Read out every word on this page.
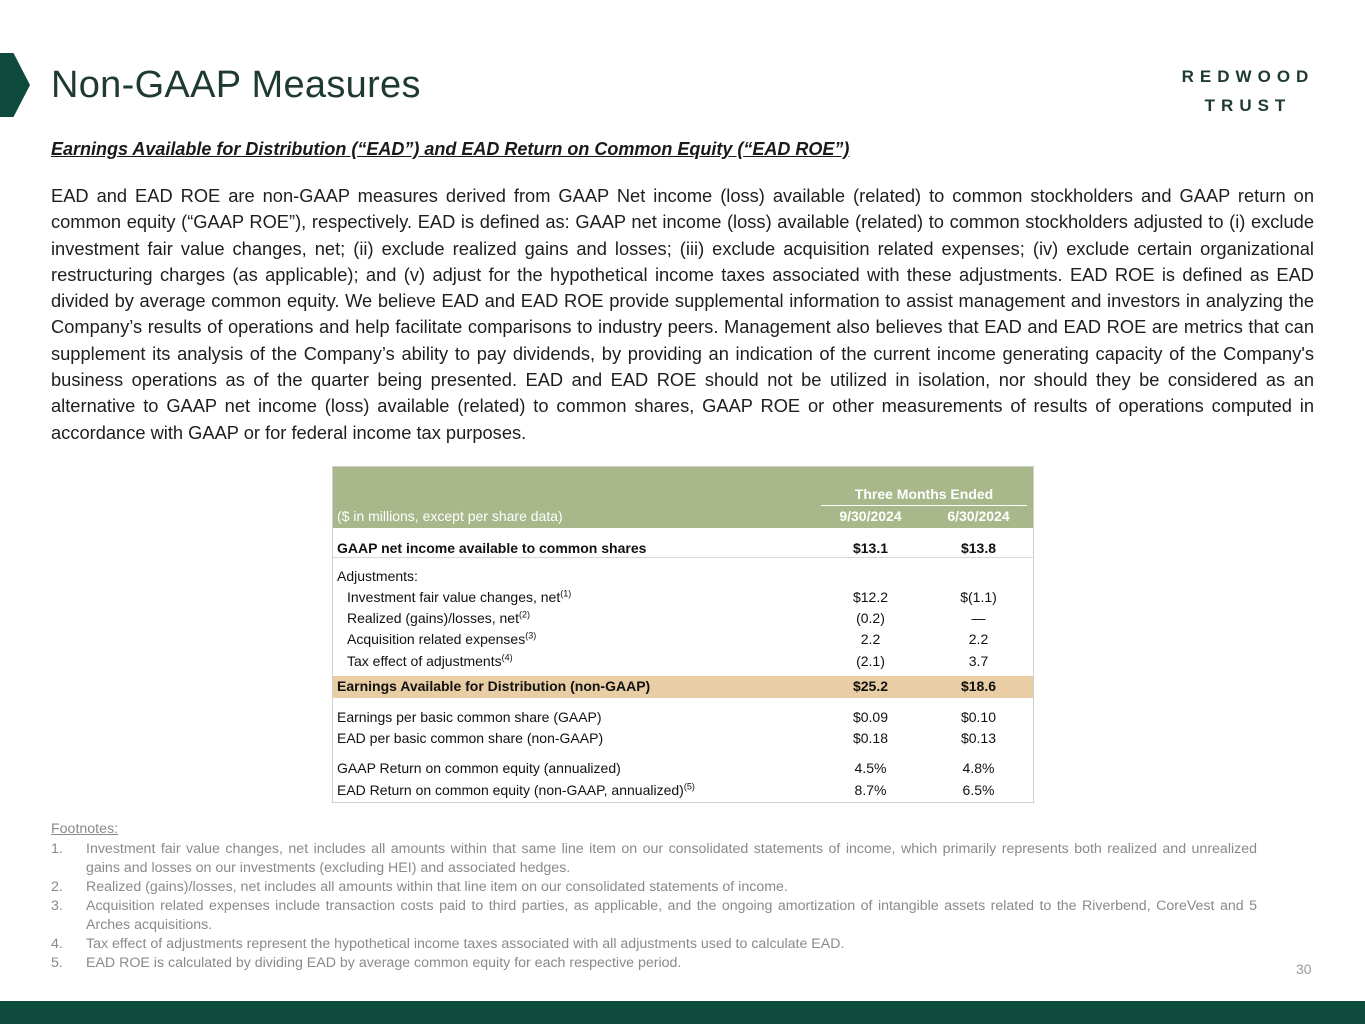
Non-GAAP Measures	REDWOOD
TRUST
Earnings Available for Distribution (“EAD”) and EAD Return on Common Equity (“EAD ROE”)

EAD and EAD ROE are non-GAAP measures derived from GAAP Net income (loss) available (related) to common stockholders and GAAP return on common equity (“GAAP ROE”), respectively. EAD is defined as: GAAP net income (loss) available (related) to common stockholders adjusted to (i) exclude investment fair value changes, net; (ii) exclude realized gains and losses; (iii) exclude acquisition related expenses; (iv) exclude certain organizational restructuring charges (as applicable); and (v) adjust for the hypothetical income taxes associated with these adjustments. EAD ROE is defined as EAD divided by average common equity. We believe EAD and EAD ROE provide supplemental information to assist management and investors in analyzing the Company’s results of operations and help facilitate comparisons to industry peers. Management also believes that EAD and EAD ROE are metrics that can supplement its analysis of the Company’s ability to pay dividends, by providing an indication of the current income generating capacity of the Company's business operations as of the quarter being presented. EAD and EAD ROE should not be utilized in isolation, nor should they be considered as an alternative to GAAP net income (loss) available (related) to common shares, GAAP ROE or other measurements of results of operations computed in accordance with GAAP or for federal income tax purposes.

Three Months Ended
($ in millions, except per share data)	9/30/2024	6/30/2024
GAAP net income available to common shares	$13.1	$13.8
Adjustments:
Investment fair value changes, net$^{(1)}$	$12.2	$(1.1)
Realized (gains)/losses, net$^{(2)}$	(0.2)	—
Acquisition related expenses$^{(3)}$	2.2	2.2
Tax effect of adjustments$^{(4)}$	(2.1)	3.7
Earnings Available for Distribution (non-GAAP)	$25.2	$18.6
Earnings per basic common share (GAAP)	$0.09	$0.10
EAD per basic common share (non-GAAP)	$0.18	$0.13
GAAP Return on common equity (annualized)	4.5%	4.8%
EAD Return on common equity (non-GAAP, annualized)$^{(5)}$	8.7%	6.5%
Footnotes:
1. Investment fair value changes, net includes all amounts within that same line item on our consolidated statements of income, which primarily represents both realized and unrealized gains and losses on our investments (excluding HEI) and associated hedges.
2. Realized (gains)/losses, net includes all amounts within that line item on our consolidated statements of income.
3. Acquisition related expenses include transaction costs paid to third parties, as applicable, and the ongoing amortization of intangible assets related to the Riverbend, CoreVest and 5 Arches acquisitions.
4. Tax effect of adjustments represent the hypothetical income taxes associated with all adjustments used to calculate EAD.
5. EAD ROE is calculated by dividing EAD by average common equity for each respective period.	30
